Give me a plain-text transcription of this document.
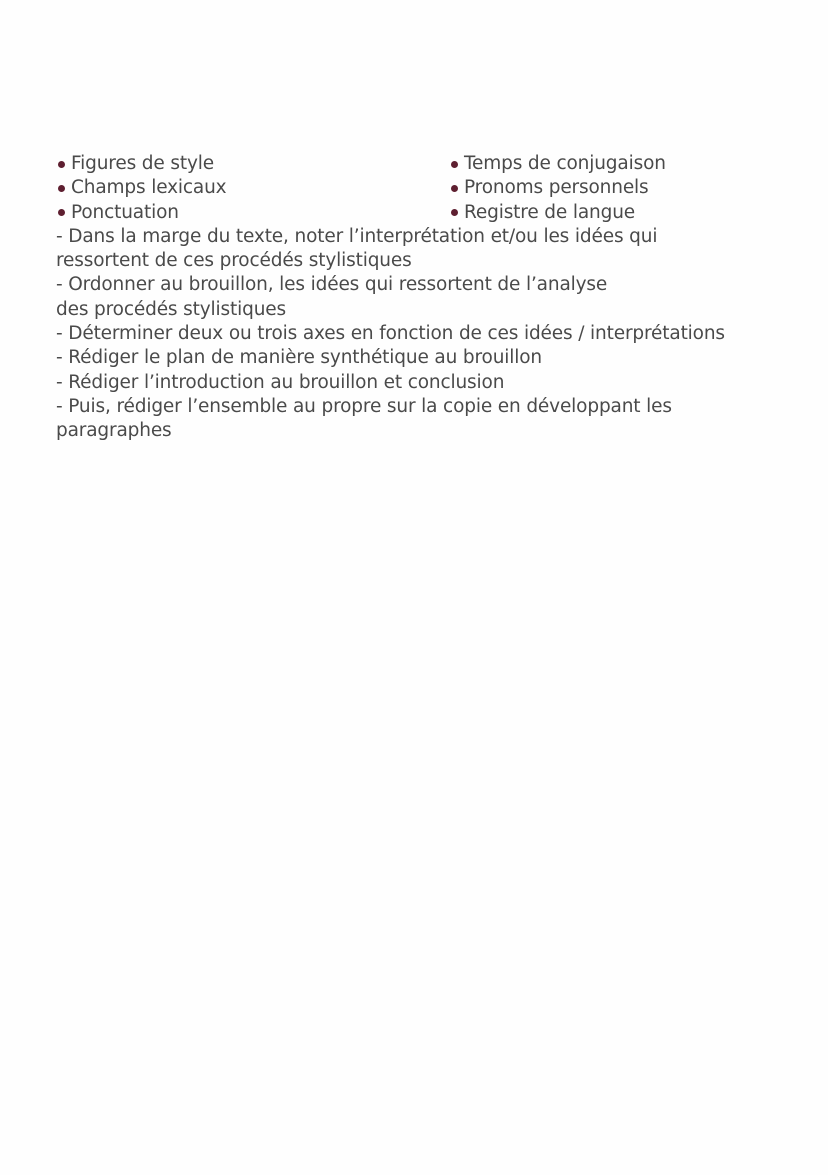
Figures de style	Temps de conjugaison
Champs lexicaux	Pronoms personnels
Ponctuation	Registre de langue
- Dans la marge du texte, noter l’interprétation et/ou les idées qui
ressortent de ces procédés stylistiques
- Ordonner au brouillon, les idées qui ressortent de l’analyse
des procédés stylistiques
- Déterminer deux ou trois axes en fonction de ces idées / interprétations
- Rédiger le plan de manière synthétique au brouillon
- Rédiger l’introduction au brouillon et conclusion
- Puis, rédiger l’ensemble au propre sur la copie en développant les
paragraphes
